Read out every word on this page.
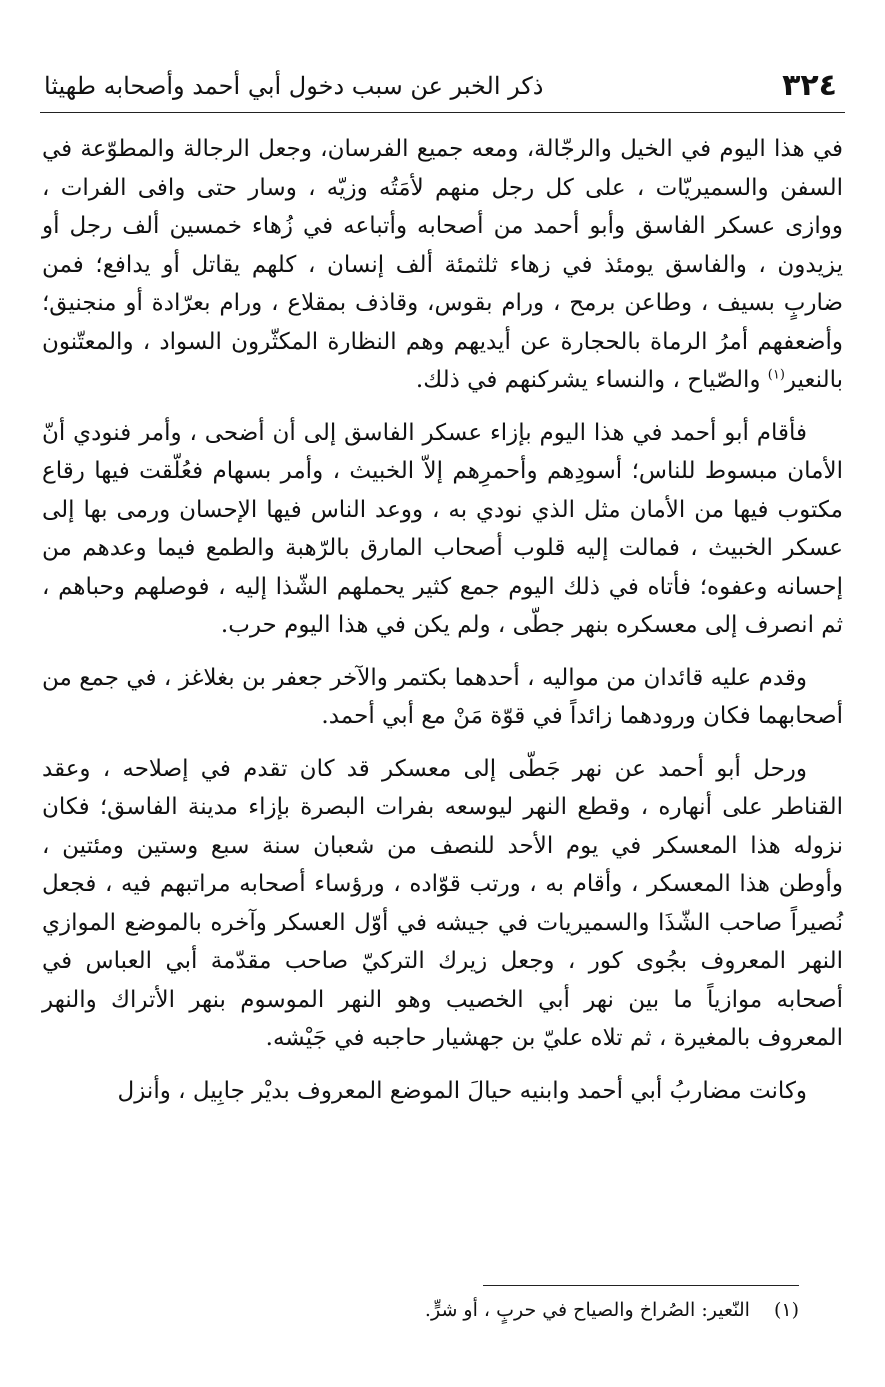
٣٢٤
ذكر الخبر عن سبب دخول أبي أحمد وأصحابه طهيثا

في هذا اليوم في الخيل والرجّالة، ومعه جميع الفرسان، وجعل الرجالة والمطوّعة في السفن والسميريّات ، على كل رجل منهم لأمَتُه وزيّه ، وسار حتى وافى الفرات ، ووازى عسكر الفاسق وأبو أحمد من أصحابه وأتباعه في زُهاء خمسين ألف رجل أو يزيدون ، والفاسق يومئذ في زهاء ثلثمئة ألف إنسان ، كلهم يقاتل أو يدافع؛ فمن ضاربٍ بسيف ، وطاعن برمح ، ورام بقوس، وقاذف بمقلاع ، ورام بعرّادة أو منجنيق؛ وأضعفهم أمرُ الرماة بالحجارة عن أيديهم وهم النظارة المكثّرون السواد ، والمعتّنون بالنعير$^{(١)}$ والصّياح ، والنساء يشركنهم في ذلك.

فأقام أبو أحمد في هذا اليوم بإزاء عسكر الفاسق إلى أن أضحى ، وأمر فنودي أنّ الأمان مبسوط للناس؛ أسودِهم وأحمرِهم إلاّ الخبيث ، وأمر بسهام فعُلّقت فيها رقاع مكتوب فيها من الأمان مثل الذي نودي به ، ووعد الناس فيها الإحسان ورمى بها إلى عسكر الخبيث ، فمالت إليه قلوب أصحاب المارق بالرّهبة والطمع فيما وعدهم من إحسانه وعفوه؛ فأتاه في ذلك اليوم جمع كثير يحملهم الشّذا إليه ، فوصلهم وحباهم ، ثم انصرف إلى معسكره بنهر جطّى ، ولم يكن في هذا اليوم حرب.

وقدم عليه قائدان من مواليه ، أحدهما بكتمر والآخر جعفر بن بغلاغز ، في جمع من أصحابهما فكان ورودهما زائداً في قوّة مَنْ مع أبي أحمد.

ورحل أبو أحمد عن نهر جَطّى إلى معسكر قد كان تقدم في إصلاحه ، وعقد القناطر على أنهاره ، وقطع النهر ليوسعه بفرات البصرة بإزاء مدينة الفاسق؛ فكان نزوله هذا المعسكر في يوم الأحد للنصف من شعبان سنة سبع وستين ومئتين ، وأوطن هذا المعسكر ، وأقام به ، ورتب قوّاده ، ورؤساء أصحابه مراتبهم فيه ، فجعل نُصيراً صاحب الشّذَا والسميريات في جيشه في أوّل العسكر وآخره بالموضع الموازي النهر المعروف بجُوى كور ، وجعل زيرك التركيّ صاحب مقدّمة أبي العباس في أصحابه موازياً ما بين نهر أبي الخصيب وهو النهر الموسوم بنهر الأتراك والنهر المعروف بالمغيرة ، ثم تلاه عليّ بن جهشيار حاجبه في جَيْشه.

وكانت مضاربُ أبي أحمد وابنيه حيالَ الموضع المعروف بديْر جابِيل ، وأنزل

(١)النّعير: الصُراخ والصياح في حربٍ ، أو شرٍّ.
